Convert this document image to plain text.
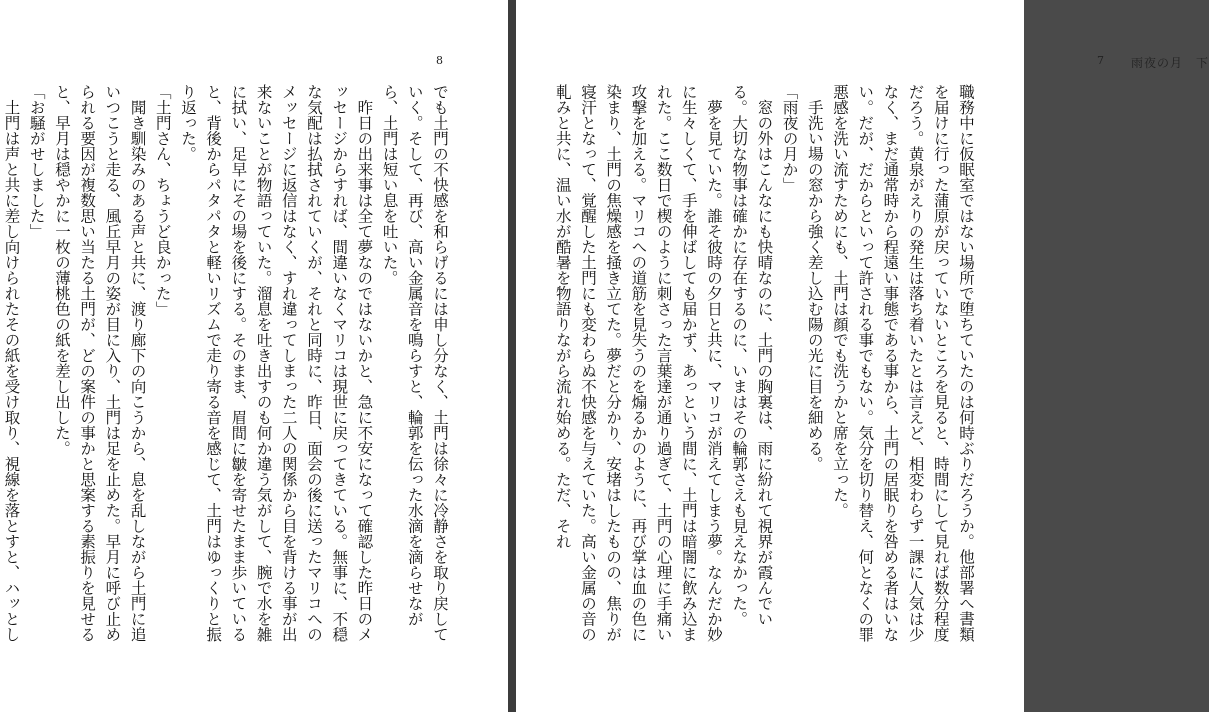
8

でも土門の不快感を和らげるには申し分なく、土門は徐々に冷静さを取り戻していく。そして、再び、高い金属音を鳴らすと、輪郭を伝った水滴を滴らせながら、土門は短い息を吐いた。

　昨日の出来事は全て夢なのではないかと、急に不安になって確認した昨日のメッセージからすれば、間違いなくマリコは現世に戻ってきている。無事に、不穏な気配は払拭されていくが、それと同時に、昨日、面会の後に送ったマリコへのメッセージに返信はなく、すれ違ってしまった二人の関係から目を背ける事が出来ないことが物語っていた。溜息を吐き出すのも何か違う気がして、腕で水を雑に拭い、足早にその場を後にする。そのまま、眉間に皺を寄せたまま歩いていると、背後からパタパタと軽いリズムで走り寄る音を感じて、土門はゆっくりと振り返った。

「土門さん、ちょうど良かった」

　聞き馴染みのある声と共に、渡り廊下の向こうから、息を乱しながら土門に追いつこうと走る、風丘早月の姿が目に入り、土門は足を止めた。早月に呼び止められる要因が複数思い当たる土門が、どの案件の事かと思案する素振りを見せると、早月は穏やかに一枚の薄桃色の紙を差し出した。

「お騒がせしました」

　土門は声と共に差し向けられたその紙を受け取り、視線を落とすと、ハッとし

7 雨夜の月　下

職務中に仮眠室ではない場所で堕ちていたのは何時ぶりだろうか。他部署へ書類を届けに行った蒲原が戻っていないところを見ると、時間にして見れば数分程度だろう。黄泉がえりの発生は落ち着いたとは言えど、相変わらず一課に人気は少なく、まだ通常時から程遠い事態である事から、土門の居眠りを咎める者はいない。だが、だからといって許される事でもない。気分を切り替え、何となくの罪悪感を洗い流すためにも、土門は顔でも洗うかと席を立った。

　手洗い場の窓から強く差し込む陽の光に目を細める。

「雨夜の月か」

　窓の外はこんなにも快晴なのに、土門の胸裏は、雨に紛れて視界が霞んでいる。大切な物事は確かに存在するのに、いまはその輪郭さえも見えなかった。

　夢を見ていた。誰そ彼時の夕日と共に、マリコが消えてしまう夢。なんだか妙に生々しくて、手を伸ばしても届かず、あっという間に、土門は暗闇に飲み込まれた。ここ数日で楔のように刺さった言葉達が通り過ぎて、土門の心理に手痛い攻撃を加える。マリコへの道筋を見失うのを煽るかのように、再び掌は血の色に染まり、土門の焦燥感を掻き立てた。夢だと分かり、安堵はしたものの、焦りが寝汗となって、覚醒した土門にも変わらぬ不快感を与えていた。高い金属の音の軋みと共に、温い水が酷暑を物語りながら流れ始める。ただ、それ
